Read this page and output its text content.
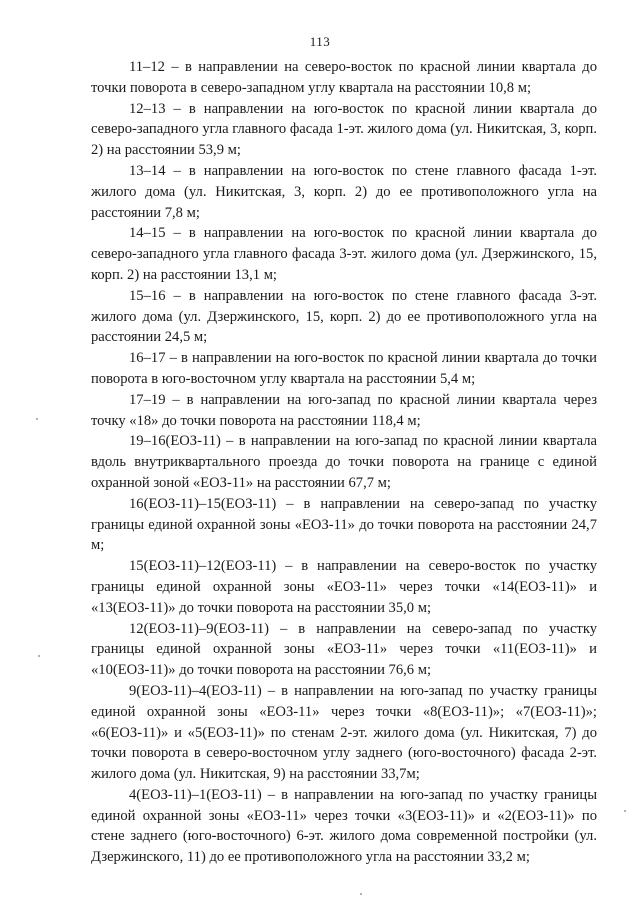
113

11–12 – в направлении на северо-восток по красной линии квартала до точки поворота в северо-западном углу квартала на расстоянии 10,8 м;

12–13 – в направлении на юго-восток по красной линии квартала до северо-западного угла главного фасада 1-эт. жилого дома (ул. Никитская, 3, корп. 2) на расстоянии 53,9 м;

13–14 – в направлении на юго-восток по стене главного фасада 1-эт. жилого дома (ул. Никитская, 3, корп. 2) до ее противоположного угла на расстоянии 7,8 м;

14–15 – в направлении на юго-восток по красной линии квартала до северо-западного угла главного фасада 3-эт. жилого дома (ул. Дзержинского, 15, корп. 2) на расстоянии 13,1 м;

15–16 – в направлении на юго-восток по стене главного фасада 3-эт. жилого дома (ул. Дзержинского, 15, корп. 2) до ее противоположного угла на расстоянии 24,5 м;

16–17 – в направлении на юго-восток по красной линии квартала до точки поворота в юго-восточном углу квартала на расстоянии 5,4 м;

17–19 – в направлении на юго-запад по красной линии квартала через точку «18» до точки поворота на расстоянии 118,4 м;

19–16(ЕОЗ-11) – в направлении на юго-запад по красной линии квартала вдоль внутриквартального проезда до точки поворота на границе с единой охранной зоной «ЕОЗ-11» на расстоянии 67,7 м;

16(ЕОЗ-11)–15(ЕОЗ-11) – в направлении на северо-запад по участку границы единой охранной зоны «ЕОЗ-11» до точки поворота на расстоянии 24,7 м;

15(ЕОЗ-11)–12(ЕОЗ-11) – в направлении на северо-восток по участку границы единой охранной зоны «ЕОЗ-11» через точки «14(ЕОЗ-11)» и «13(ЕОЗ-11)» до точки поворота на расстоянии 35,0 м;

12(ЕОЗ-11)–9(ЕОЗ-11) – в направлении на северо-запад по участку границы единой охранной зоны «ЕОЗ-11» через точки «11(ЕОЗ-11)» и «10(ЕОЗ-11)» до точки поворота на расстоянии 76,6 м;

9(ЕОЗ-11)–4(ЕОЗ-11) – в направлении на юго-запад по участку границы единой охранной зоны «ЕОЗ-11» через точки «8(ЕОЗ-11)»; «7(ЕОЗ-11)»; «6(ЕОЗ-11)» и «5(ЕОЗ-11)» по стенам 2-эт. жилого дома (ул. Никитская, 7) до точки поворота в северо-восточном углу заднего (юго-восточного) фасада 2-эт. жилого дома (ул. Никитская, 9) на расстоянии 33,7м;

4(ЕОЗ-11)–1(ЕОЗ-11) – в направлении на юго-запад по участку границы единой охранной зоны «ЕОЗ-11» через точки «3(ЕОЗ-11)» и «2(ЕОЗ-11)» по стене заднего (юго-восточного) 6-эт. жилого дома современной постройки (ул. Дзержинского, 11) до ее противоположного угла на расстоянии 33,2 м;
